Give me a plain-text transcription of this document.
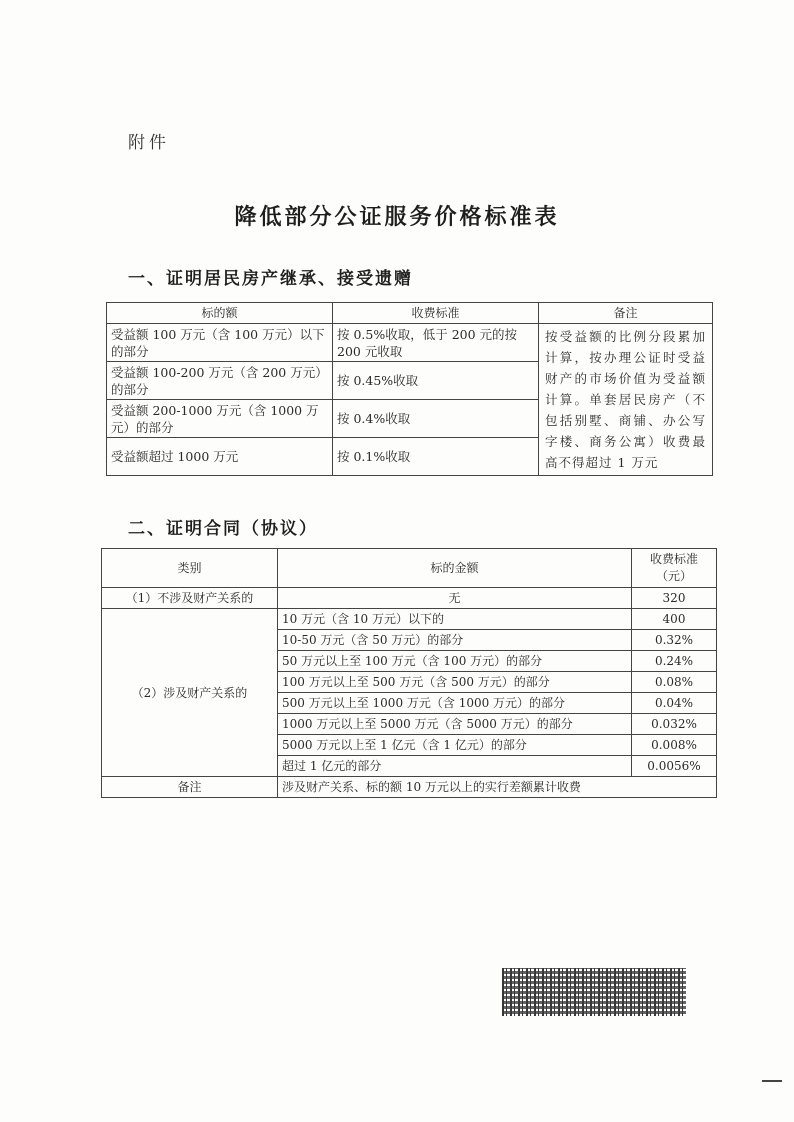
附件
降低部分公证服务价格标准表
一、证明居民房产继承、接受遗赠
标的额	收费标准	备注
受益额 100 万元（含 100 万元）以下的部分	按 0.5%收取，低于 200 元的按 200 元收取	按受益额的比例分段累加计算，按办理公证时受益财产的市场价值为受益额计算。单套居民房产（不包括别墅、商铺、办公写字楼、商务公寓）收费最高不得超过 1 万元
受益额 100-200 万元（含 200 万元）的部分	按 0.45%收取	
受益额 200-1000 万元（含 1000 万元）的部分	按 0.4%收取	
受益额超过 1000 万元	按 0.1%收取	
二、证明合同（协议）
类别	标的金额	收费标准（元）
（1）不涉及财产关系的	无	320
（2）涉及财产关系的	10 万元（含 10 万元）以下的	400
	10-50 万元（含 50 万元）的部分	0.32%
	50 万元以上至 100 万元（含 100 万元）的部分	0.24%
	100 万元以上至 500 万元（含 500 万元）的部分	0.08%
	500 万元以上至 1000 万元（含 1000 万元）的部分	0.04%
	1000 万元以上至 5000 万元（含 5000 万元）的部分	0.032%
	5000 万元以上至 1 亿元（含 1 亿元）的部分	0.008%
	超过 1 亿元的部分	0.0056%
备注	涉及财产关系、标的额 10 万元以上的实行差额累计收费	
